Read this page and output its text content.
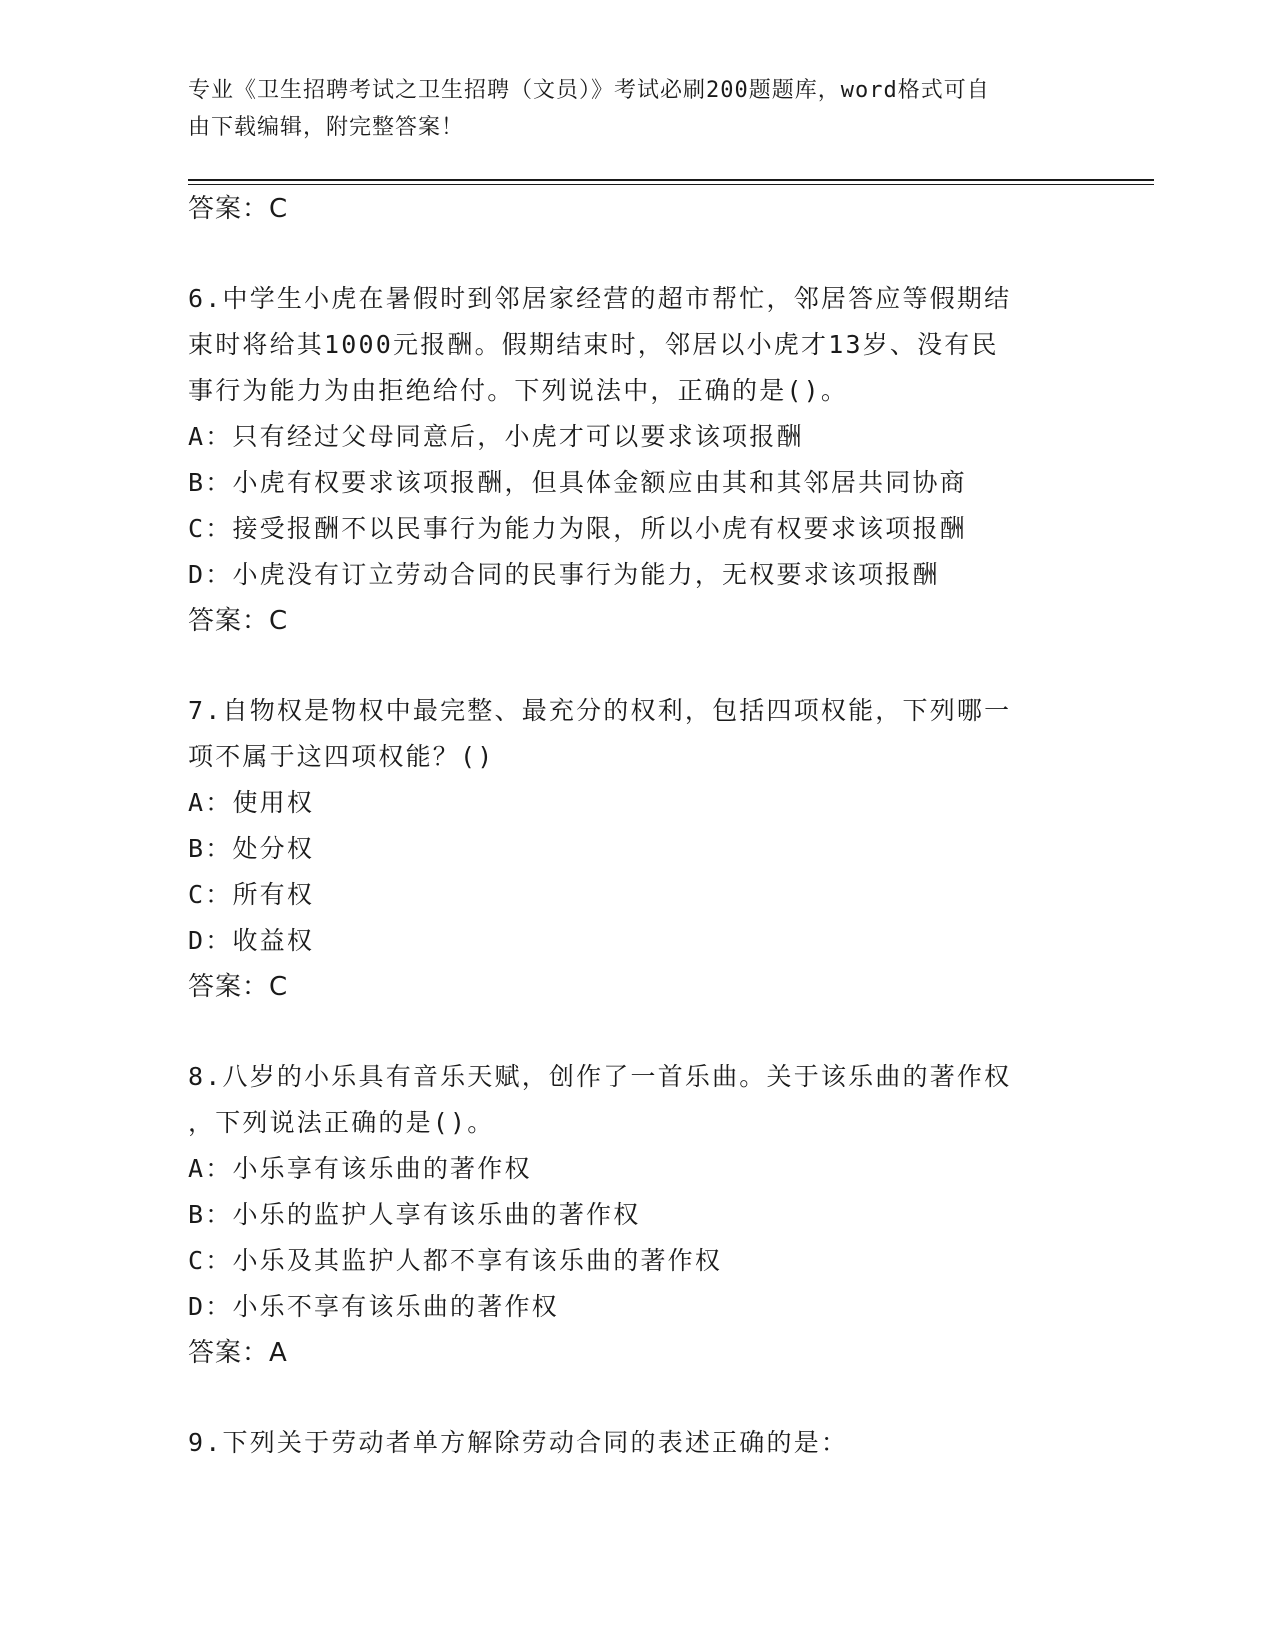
专业《卫生招聘考试之卫生招聘（文员）》考试必刷200题题库，word格式可自
由下载编辑，附完整答案！
答案：C
6.中学生小虎在暑假时到邻居家经营的超市帮忙，邻居答应等假期结
束时将给其1000元报酬。假期结束时，邻居以小虎才13岁、没有民
事行为能力为由拒绝给付。下列说法中，正确的是()。
A：只有经过父母同意后，小虎才可以要求该项报酬
B：小虎有权要求该项报酬，但具体金额应由其和其邻居共同协商
C：接受报酬不以民事行为能力为限，所以小虎有权要求该项报酬
D：小虎没有订立劳动合同的民事行为能力，无权要求该项报酬
答案：C
7.自物权是物权中最完整、最充分的权利，包括四项权能，下列哪一
项不属于这四项权能？()
A：使用权
B：处分权
C：所有权
D：收益权
答案：C
8.八岁的小乐具有音乐天赋，创作了一首乐曲。关于该乐曲的著作权
，下列说法正确的是()。
A：小乐享有该乐曲的著作权
B：小乐的监护人享有该乐曲的著作权
C：小乐及其监护人都不享有该乐曲的著作权
D：小乐不享有该乐曲的著作权
答案：A
9.下列关于劳动者单方解除劳动合同的表述正确的是：
